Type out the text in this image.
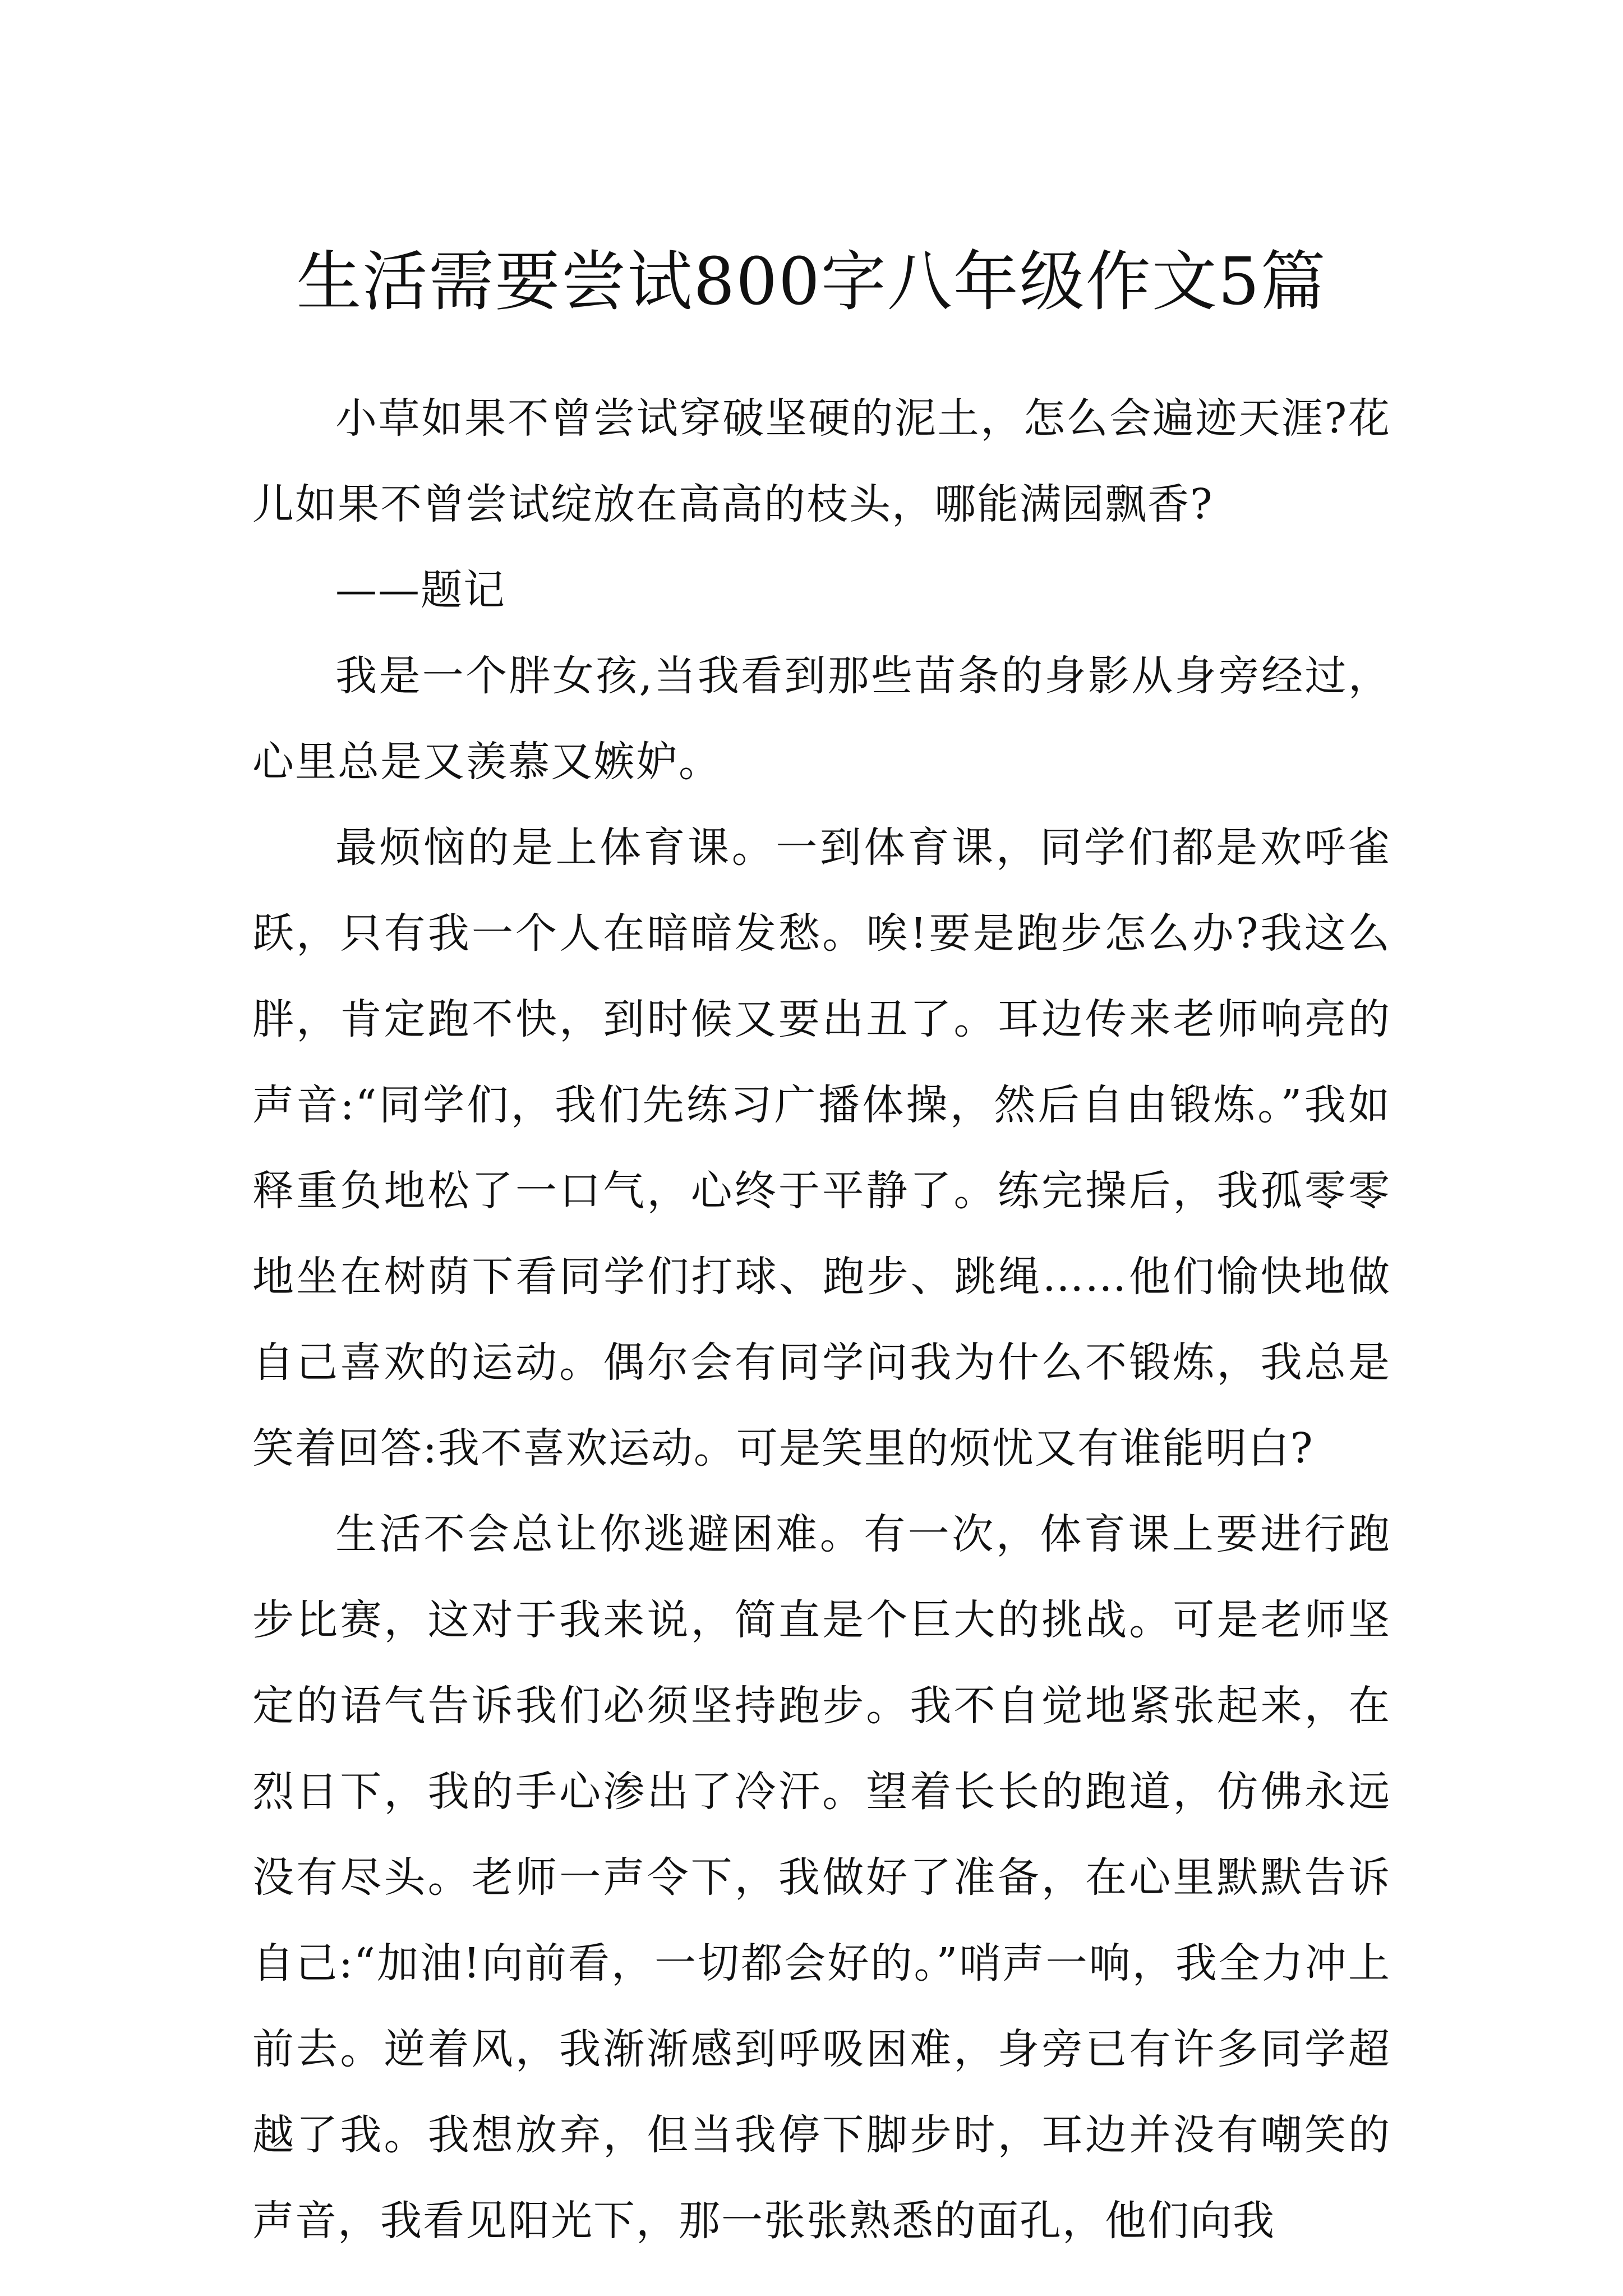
生活需要尝试800字八年级作文5篇

小草如果不曾尝试穿破坚硬的泥土，怎么会遍迹天涯?花儿如果不曾尝试绽放在高高的枝头，哪能满园飘香?

——题记

我是一个胖女孩,当我看到那些苗条的身影从身旁经过，心里总是又羡慕又嫉妒。

最烦恼的是上体育课。一到体育课，同学们都是欢呼雀跃，只有我一个人在暗暗发愁。唉!要是跑步怎么办?我这么胖，肯定跑不快，到时候又要出丑了。耳边传来老师响亮的声音:“同学们，我们先练习广播体操，然后自由锻炼。”我如释重负地松了一口气，心终于平静了。练完操后，我孤零零地坐在树荫下看同学们打球、跑步、跳绳……他们愉快地做自己喜欢的运动。偶尔会有同学问我为什么不锻炼，我总是笑着回答:我不喜欢运动。可是笑里的烦忧又有谁能明白?

生活不会总让你逃避困难。有一次，体育课上要进行跑步比赛，这对于我来说，简直是个巨大的挑战。可是老师坚定的语气告诉我们必须坚持跑步。我不自觉地紧张起来，在烈日下，我的手心渗出了冷汗。望着长长的跑道，仿佛永远没有尽头。老师一声令下，我做好了准备，在心里默默告诉自己:“加油!向前看，一切都会好的。”哨声一响，我全力冲上前去。逆着风，我渐渐感到呼吸困难，身旁已有许多同学超越了我。我想放弃，但当我停下脚步时，耳边并没有嘲笑的声音，我看见阳光下，那一张张熟悉的面孔，他们向我
